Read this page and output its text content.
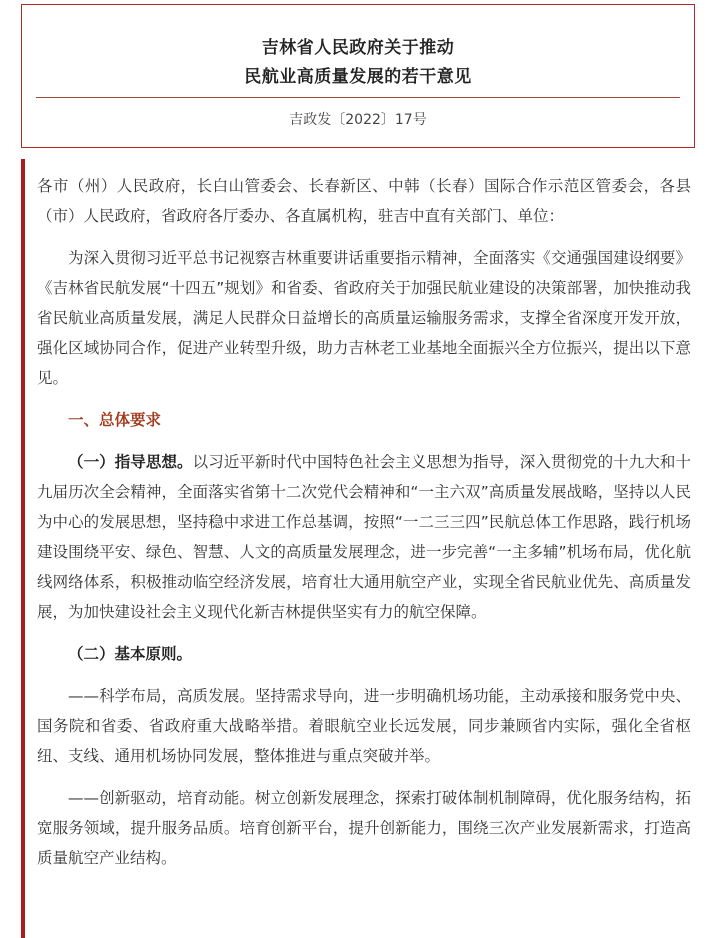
吉林省人民政府关于推动
民航业高质量发展的若干意见
吉政发〔2022〕17号

各市（州）人民政府，长白山管委会、长春新区、中韩（长春）国际合作示范区管委会，各县（市）人民政府，省政府各厅委办、各直属机构，驻吉中直有关部门、单位：

为深入贯彻习近平总书记视察吉林重要讲话重要指示精神，全面落实《交通强国建设纲要》《吉林省民航发展“十四五”规划》和省委、省政府关于加强民航业建设的决策部署，加快推动我省民航业高质量发展，满足人民群众日益增长的高质量运输服务需求，支撑全省深度开发开放，强化区域协同合作，促进产业转型升级，助力吉林老工业基地全面振兴全方位振兴，提出以下意见。

一、总体要求

（一）指导思想。以习近平新时代中国特色社会主义思想为指导，深入贯彻党的十九大和十九届历次全会精神，全面落实省第十二次党代会精神和“一主六双”高质量发展战略，坚持以人民为中心的发展思想，坚持稳中求进工作总基调，按照“一二三三四”民航总体工作思路，践行机场建设围绕平安、绿色、智慧、人文的高质量发展理念，进一步完善“一主多辅”机场布局，优化航线网络体系，积极推动临空经济发展，培育壮大通用航空产业，实现全省民航业优先、高质量发展，为加快建设社会主义现代化新吉林提供坚实有力的航空保障。

（二）基本原则。

——科学布局，高质发展。坚持需求导向，进一步明确机场功能，主动承接和服务党中央、国务院和省委、省政府重大战略举措。着眼航空业长远发展，同步兼顾省内实际，强化全省枢纽、支线、通用机场协同发展，整体推进与重点突破并举。

——创新驱动，培育动能。树立创新发展理念，探索打破体制机制障碍，优化服务结构，拓宽服务领域，提升服务品质。培育创新平台，提升创新能力，围绕三次产业发展新需求，打造高质量航空产业结构。
